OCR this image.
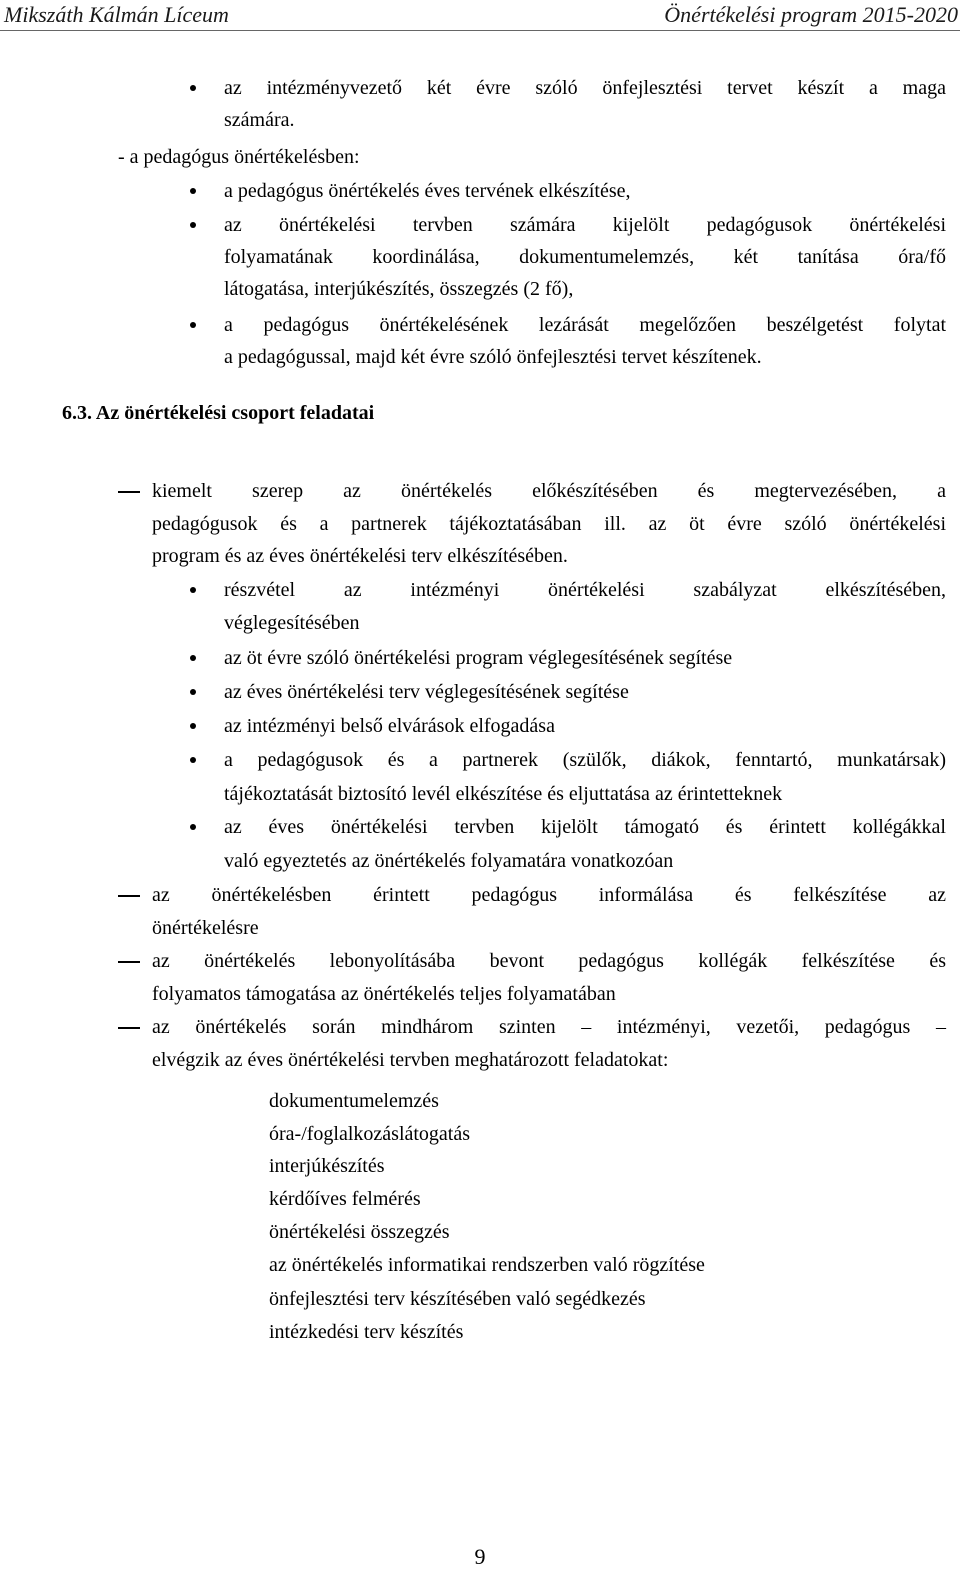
Mikszáth Kálmán Líceum	Önértékelési program 2015-2020
az intézményvezető két évre szóló önfejlesztési tervet készít a maga
számára.
- a pedagógus önértékelésben:
a pedagógus önértékelés éves tervének elkészítése,
az önértékelési tervben számára kijelölt pedagógusok önértékelési
folyamatának koordinálása, dokumentumelemzés, két tanítása óra/fő
látogatása, interjúkészítés, összegzés (2 fő),
a pedagógus önértékelésének lezárását megelőzően beszélgetést folytat
a pedagógussal, majd két évre szóló önfejlesztési tervet készítenek.
6.3. Az önértékelési csoport feladatai
kiemelt szerep az önértékelés előkészítésében és megtervezésében, a
pedagógusok és a partnerek tájékoztatásában ill. az öt évre szóló önértékelési
program és az éves önértékelési terv elkészítésében.
részvétel az intézményi önértékelési szabályzat elkészítésében,
véglegesítésében
az öt évre szóló önértékelési program véglegesítésének segítése
az éves önértékelési terv véglegesítésének segítése
az intézményi belső elvárások elfogadása
a pedagógusok és a partnerek (szülők, diákok, fenntartó, munkatársak)
tájékoztatását biztosító levél elkészítése és eljuttatása az érintetteknek
az éves önértékelési tervben kijelölt támogató és érintett kollégákkal
való egyeztetés az önértékelés folyamatára vonatkozóan
az önértékelésben érintett pedagógus informálása és felkészítése az
önértékelésre
az önértékelés lebonyolításába bevont pedagógus kollégák felkészítése és
folyamatos támogatása az önértékelés teljes folyamatában
az önértékelés során mindhárom szinten – intézményi, vezetői, pedagógus –
elvégzik az éves önértékelési tervben meghatározott feladatokat:
dokumentumelemzés
óra-/foglalkozáslátogatás
interjúkészítés
kérdőíves felmérés
önértékelési összegzés
az önértékelés informatikai rendszerben való rögzítése
önfejlesztési terv készítésében való segédkezés
intézkedési terv készítés
9
